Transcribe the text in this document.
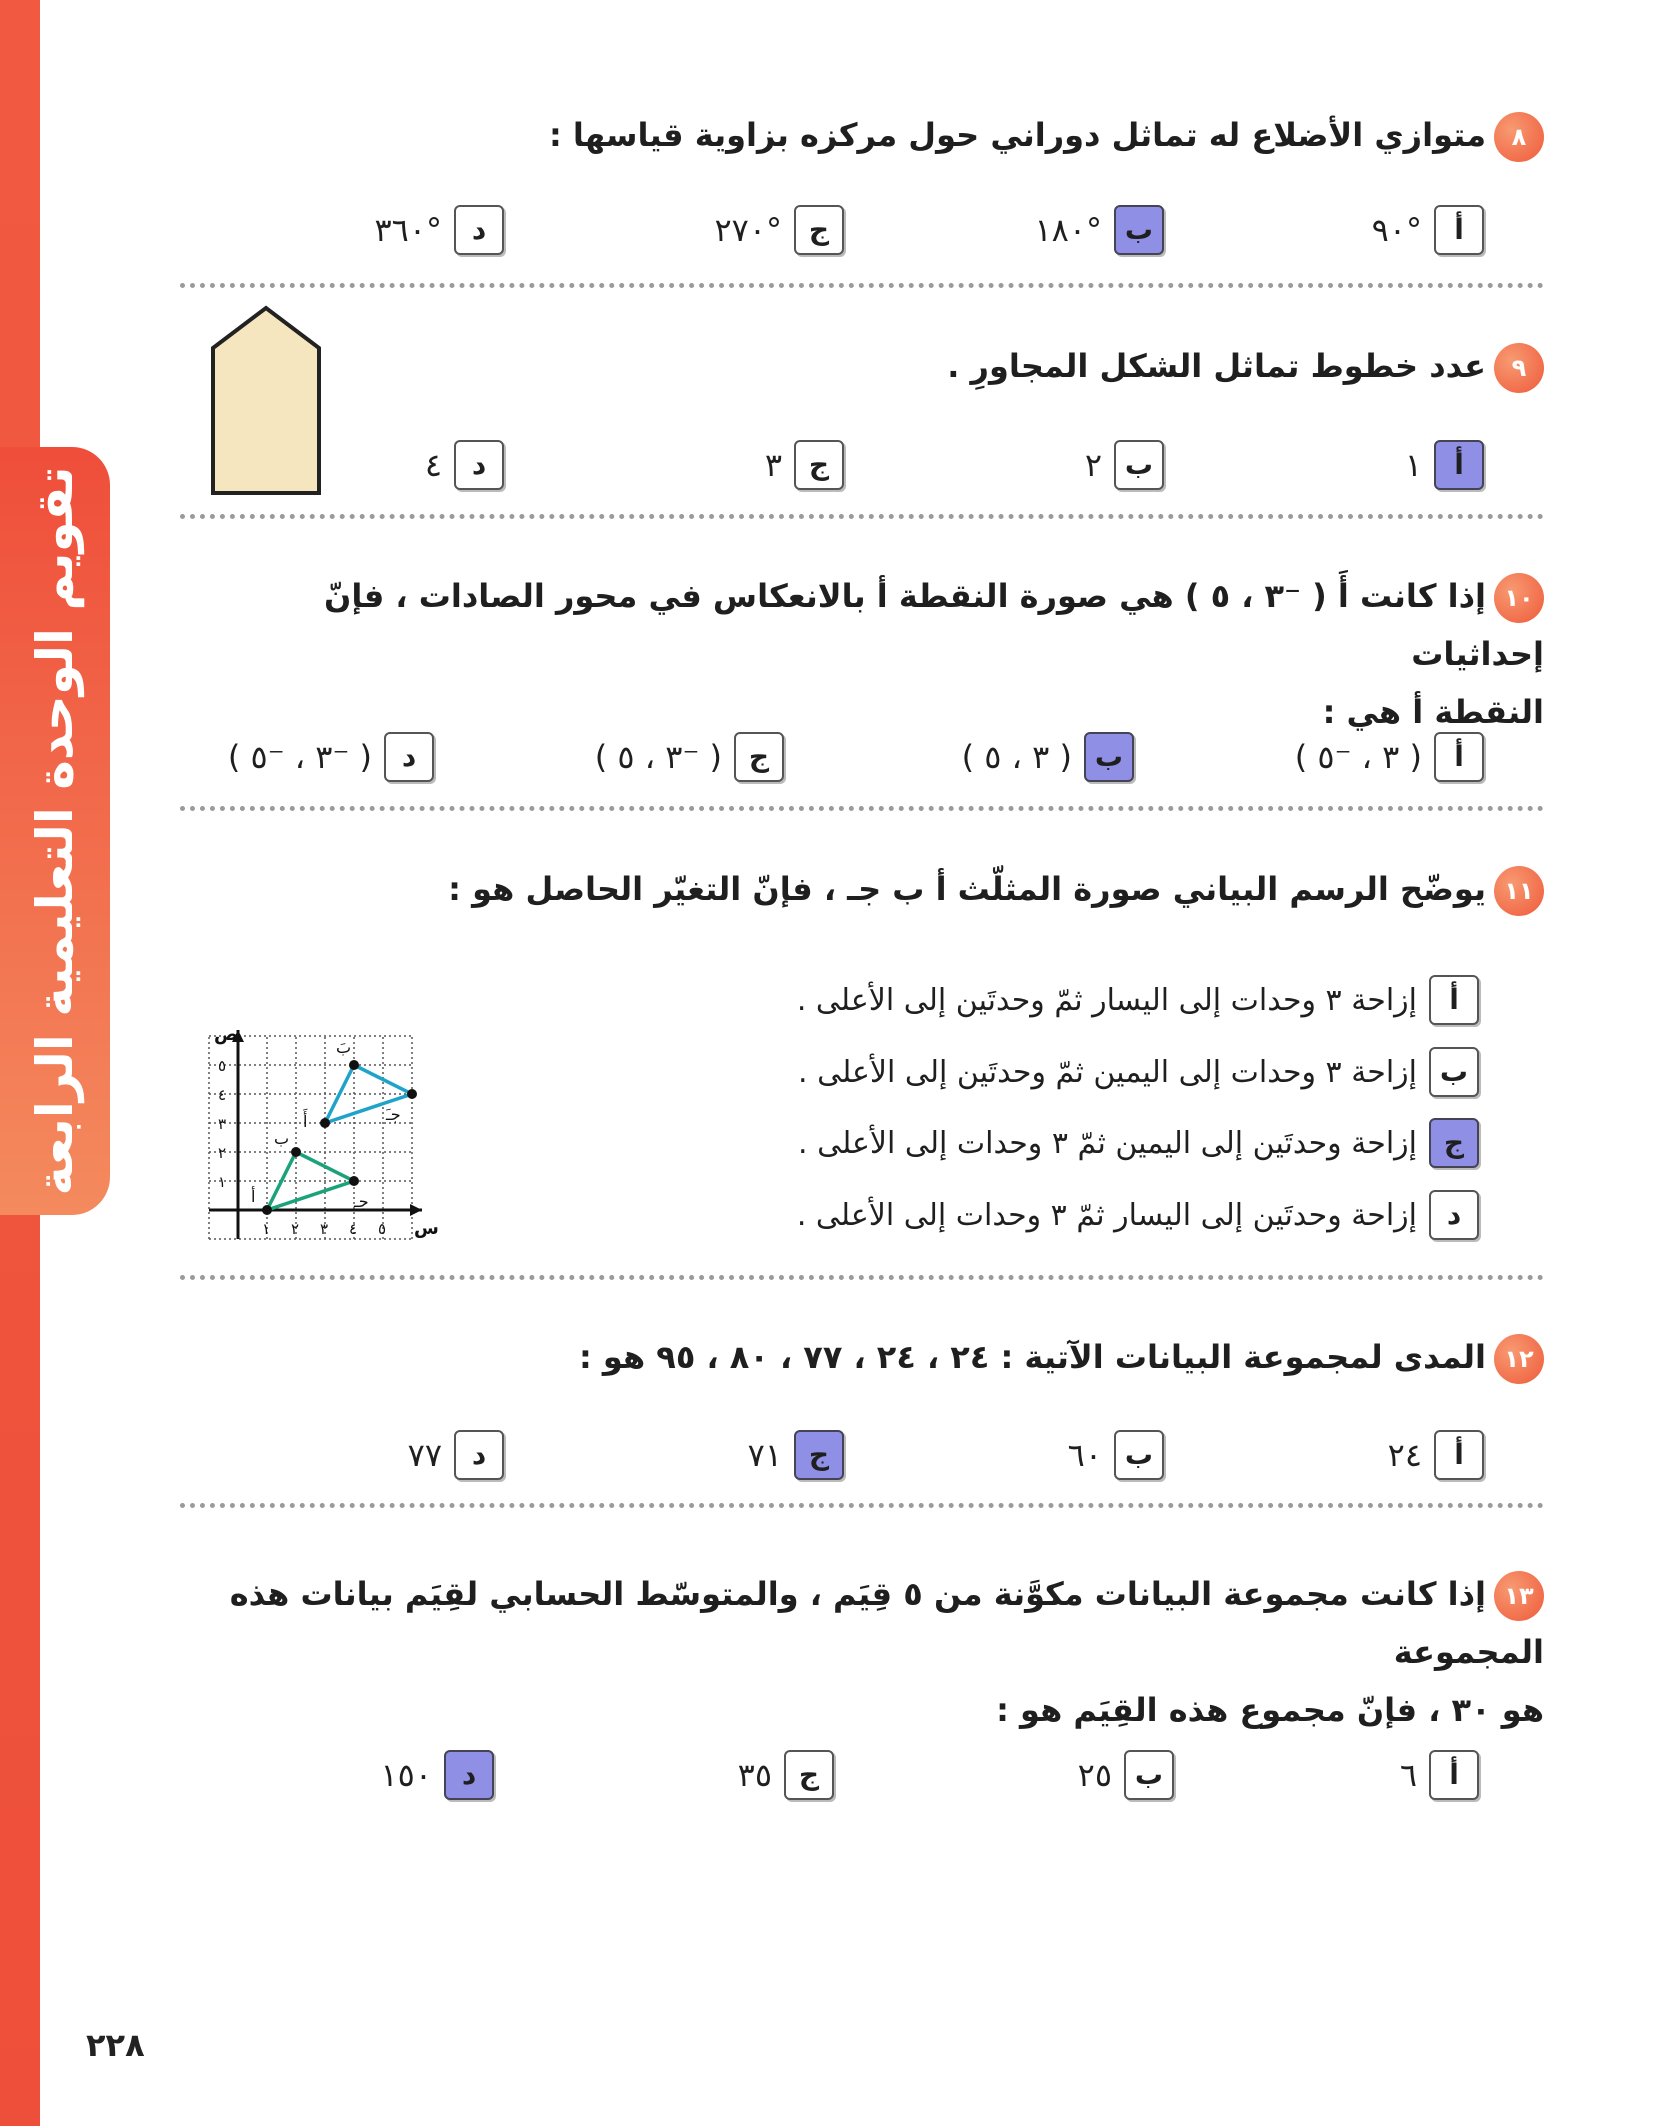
تقويم الوحدة التعليمية الرابعة
٨متوازي الأضلاع له تماثل دوراني حول مركزه بزاوية قياسها :
أ
°٩٠
ب
°١٨٠
ج
°٢٧٠
د
°٣٦٠
٩عدد خطوط تماثل الشكل المجاورِ .
أ
١
ب
٢
ج
٣
د
٤
١٠إذا كانت أَ ( ⁻٣ ، ٥ ) هي صورة النقطة أ بالانعكاس في محور الصادات ، فإنّ إحداثيات
النقطة أ هي :
أ
( ٣ ، ⁻٥ )
ب
( ٣ ، ٥ )
ج
( ⁻٣ ، ٥ )
د
( ⁻٣ ، ⁻٥ )
١١يوضّح الرسم البياني صورة المثلّث أ ب جـ ، فإنّ التغيّر الحاصل هو :
أ
إزاحة ٣ وحدات إلى اليسار ثمّ وحدتَين إلى الأعلى .
ب
إزاحة ٣ وحدات إلى اليمين ثمّ وحدتَين إلى الأعلى .
ج
إزاحة وحدتَين إلى اليمين ثمّ ٣ وحدات إلى الأعلى .
د
إزاحة وحدتَين إلى اليسار ثمّ ٣ وحدات إلى الأعلى .
س
ص
١ ٢ ٣ ٤ ٥
١
٢
٣
٤
٥
أ
ب
جـ
أَ
بَ
جـَ
١٢المدى لمجموعة البيانات الآتية : ٢٤ ، ٢٤ ، ٧٧ ، ٨٠ ، ٩٥ هو :
أ
٢٤
ب
٦٠
ج
٧١
د
٧٧
١٣إذا كانت مجموعة البيانات مكوَّنة من ٥ قِيَم ، والمتوسّط الحسابي لقِيَم بيانات هذه المجموعة
هو ٣٠ ، فإنّ مجموع هذه القِيَم هو :
أ
٦
ب
٢٥
ج
٣٥
د
١٥٠
٢٢٨
